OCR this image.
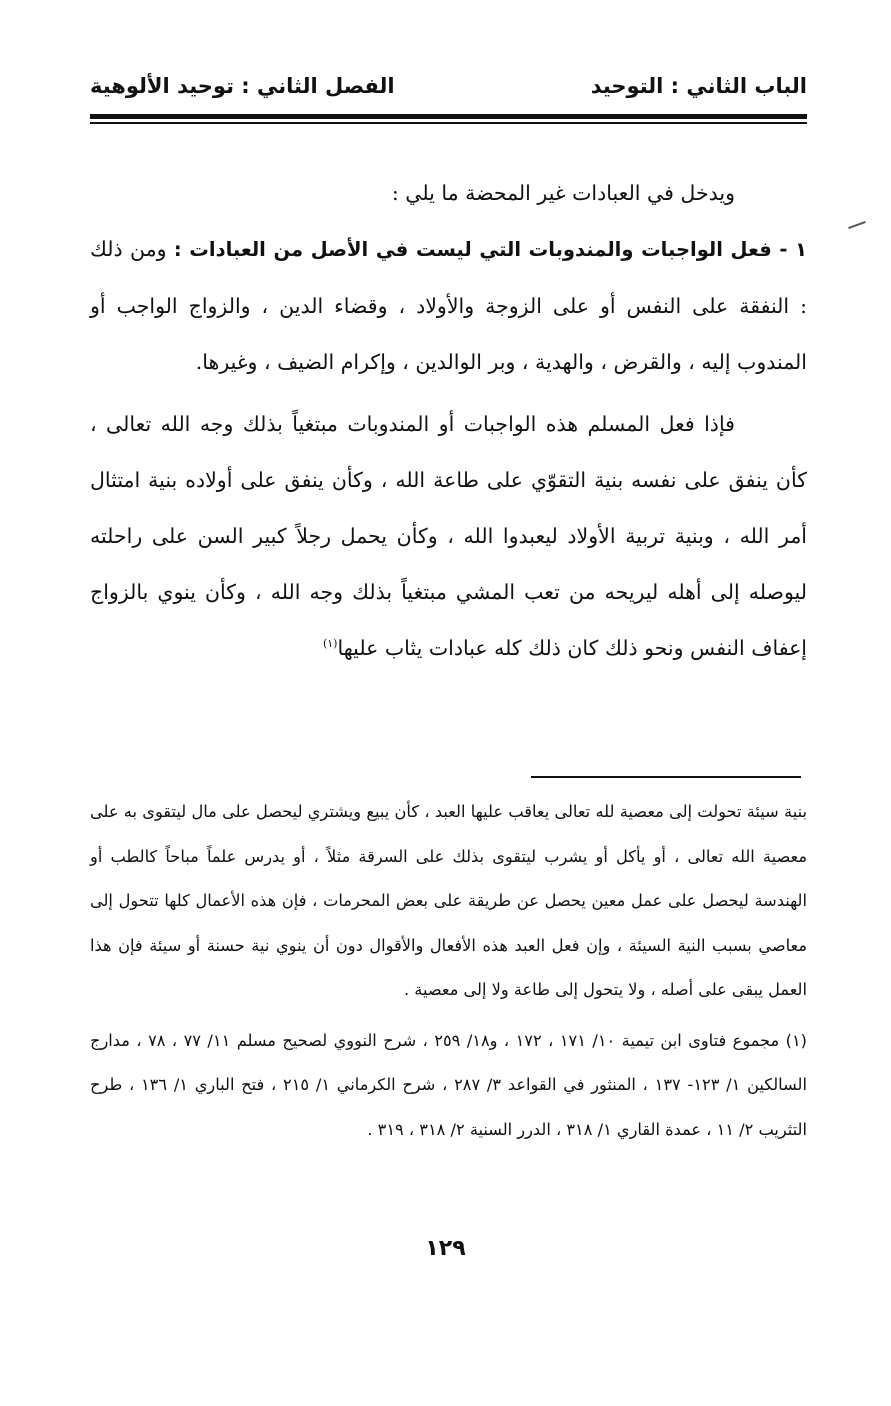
الباب الثاني : التوحيد
الفصل الثاني : توحيد الألوهية

ويدخل في العبادات غير المحضة ما يلي :

١ - فعل الواجبات والمندوبات التي ليست في الأصل من العبادات : ومن ذلك : النفقة على النفس أو على الزوجة والأولاد ، وقضاء الدين ، والزواج الواجب أو المندوب إليه ، والقرض ، والهدية ، وبر الوالدين ، وإكرام الضيف ، وغيرها.

فإذا فعل المسلم هذه الواجبات أو المندوبات مبتغياً بذلك وجه الله تعالى ، كأن ينفق على نفسه بنية التقوّي على طاعة الله ، وكأن ينفق على أولاده بنية امتثال أمر الله ، وبنية تربية الأولاد ليعبدوا الله ، وكأن يحمل رجلاً كبير السن على راحلته ليوصله إلى أهله ليريحه من تعب المشي مبتغياً بذلك وجه الله ، وكأن ينوي بالزواج إعفاف النفس ونحو ذلك كان ذلك كله عبادات يثاب عليها$^{(١)}$

بنية سيئة تحولت إلى معصية لله تعالى يعاقب عليها العبد ، كأن يبيع ويشتري ليحصل على مال ليتقوى به على معصية الله تعالى ، أو يأكل أو يشرب ليتقوى بذلك على السرقة مثلاً ، أو يدرس علماً مباحاً كالطب أو الهندسة ليحصل على عمل معين يحصل عن طريقة على بعض المحرمات ، فإن هذه الأعمال كلها تتحول إلى معاصي بسبب النية السيئة ، وإن فعل العبد هذه الأفعال والأقوال دون أن ينوي نية حسنة أو سيئة فإن هذا العمل يبقى على أصله ، ولا يتحول إلى طاعة ولا إلى معصية .

(١) مجموع فتاوى ابن تيمية ١٠/ ١٧١ ، ١٧٢ ، و١٨/ ٢٥٩ ، شرح النووي لصحيح مسلم ١١/ ٧٧ ، ٧٨ ، مدارج السالكين ١/ ١٢٣- ١٣٧ ، المنثور في القواعد ٣/ ٢٨٧ ، شرح الكرماني ١/ ٢١٥ ، فتح الباري ١/ ١٣٦ ، طرح التثريب ٢/ ١١ ، عمدة القاري ١/ ٣١٨ ، الدرر السنية ٢/ ٣١٨ ، ٣١٩ .

١٢٩
